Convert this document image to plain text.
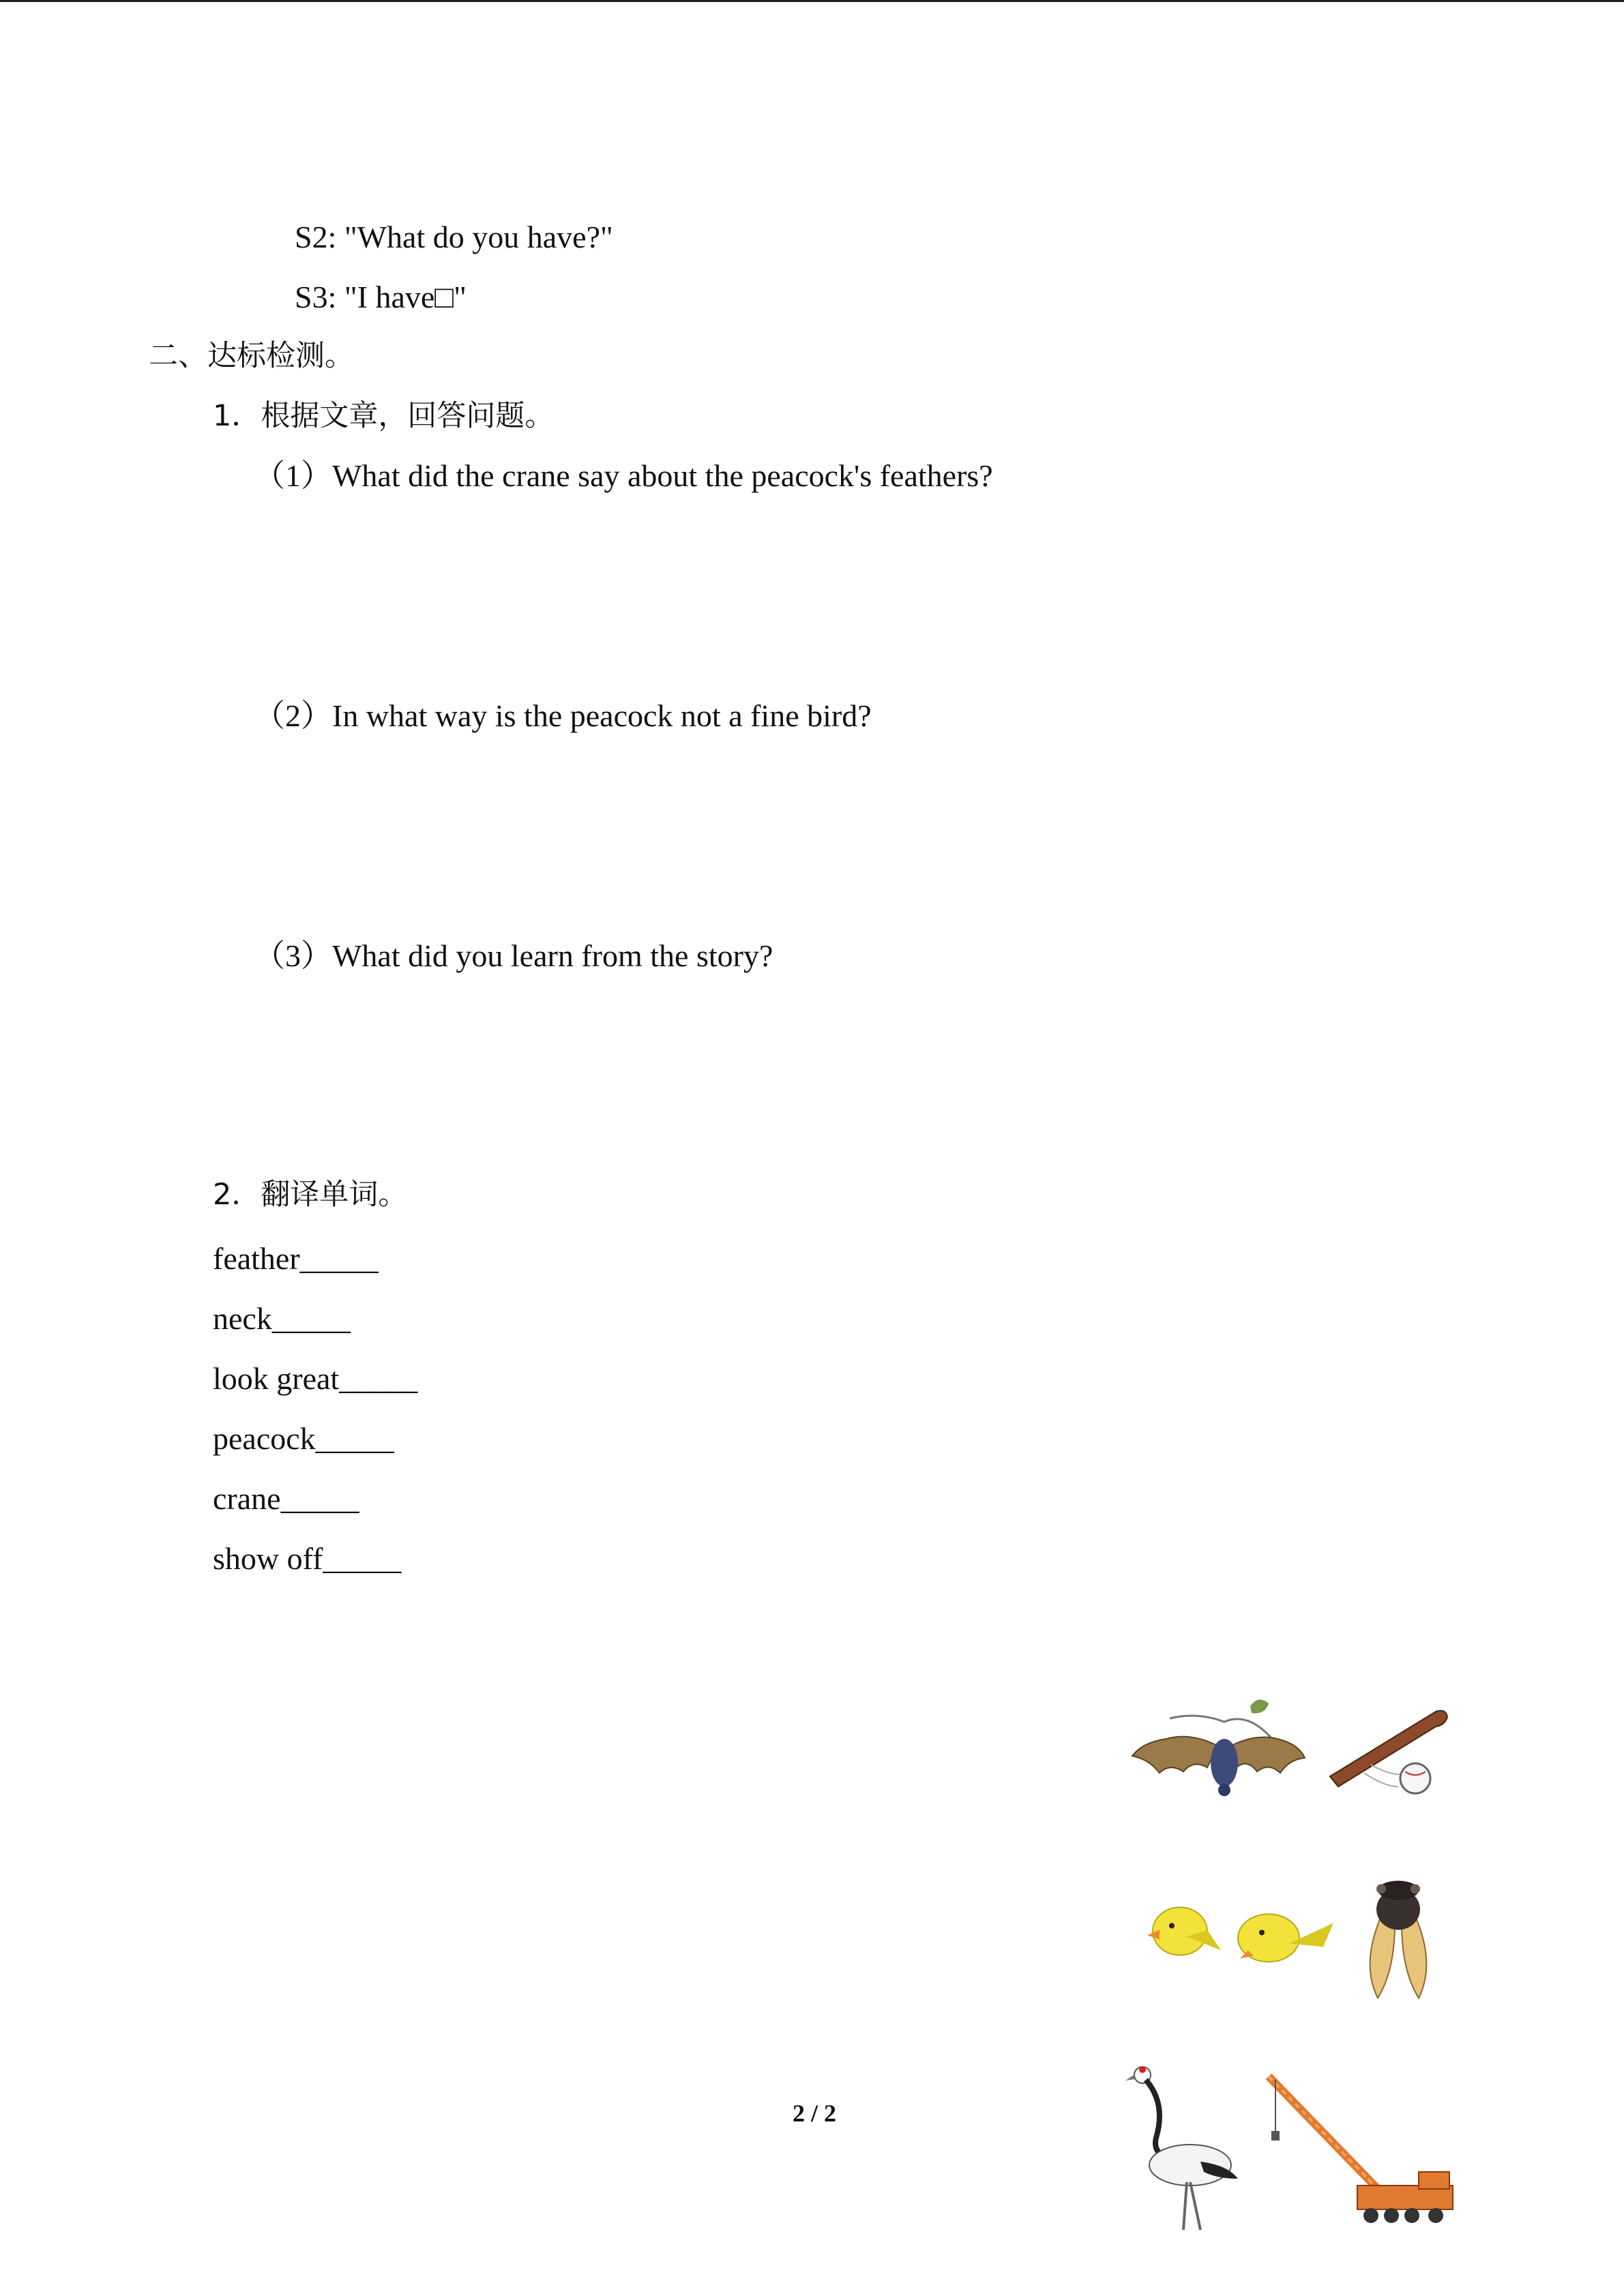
S2: "What do you have?"
S3: "I have□"
二、达标检测。
1．根据文章，回答问题。
（1）What did the crane say about the peacock's feathers?
（2）In what way is the peacock not a fine bird?
（3）What did you learn from the story?
2．翻译单词。
feather_____
neck_____
look great_____
peacock_____
crane_____
show off_____
2 / 2
